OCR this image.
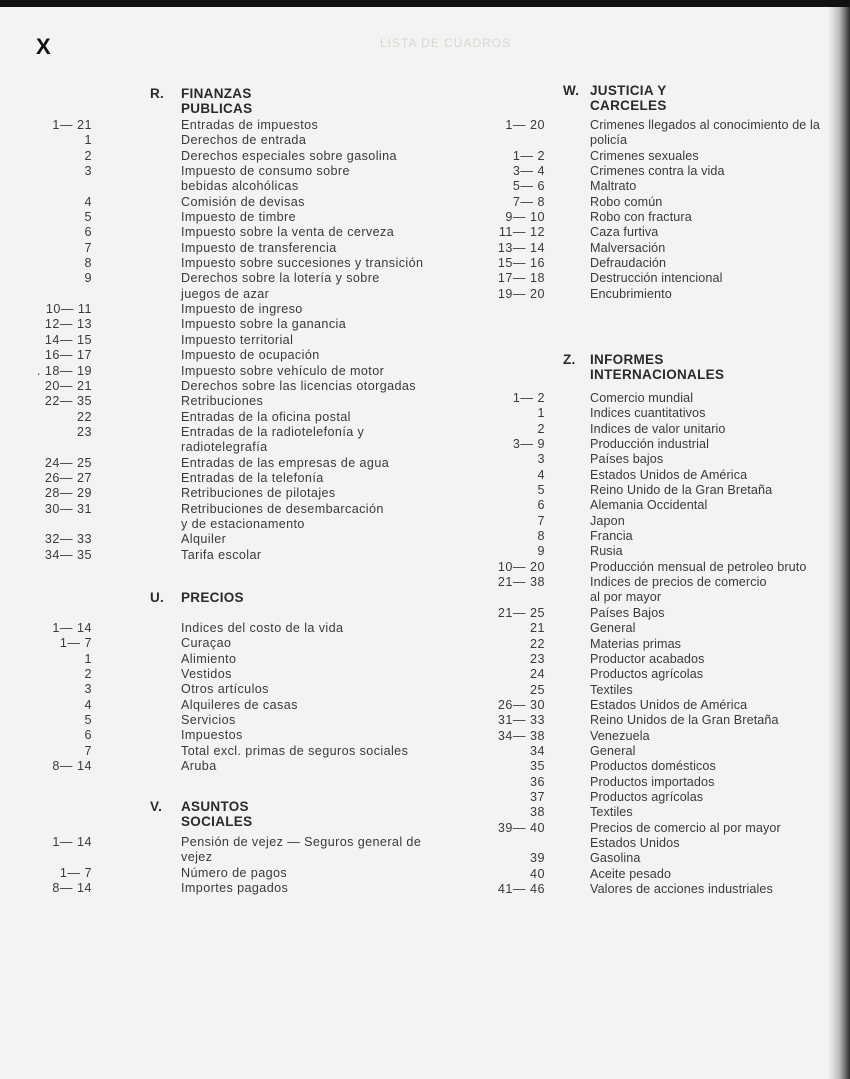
X	LISTA DE CUADROS
R. FINANZAS PUBLICAS
1— 21	Entradas de impuestos
1	Derechos de entrada
2	Derechos especiales sobre gasolina
3	Impuesto de consumo sobre
bebidas alcohólicas
4	Comisión de devisas
5	Impuesto de timbre
6	Impuesto sobre la venta de cerveza
7	Impuesto de transferencia
8	Impuesto sobre succesiones y transición
9	Derechos sobre la lotería y sobre
juegos de azar
10— 11	Impuesto de ingreso
12— 13	Impuesto sobre la ganancia
14— 15	Impuesto territorial
16— 17	Impuesto de ocupación
. 18— 19	Impuesto sobre vehículo de motor
20— 21	Derechos sobre las licencias otorgadas
22— 35	Retribuciones
22	Entradas de la oficina postal
23	Entradas de la radiotelefonía y
radiotelegrafía
24— 25	Entradas de las empresas de agua
26— 27	Entradas de la telefonía
28— 29	Retribuciones de pilotajes
30— 31	Retribuciones de desembarcación
y de estacionamento
32— 33	Alquiler
34— 35	Tarifa escolar
U. PRECIOS
1— 14	Indices del costo de la vida
1— 7	Curaçao
1	Alimiento
2	Vestidos
3	Otros artículos
4	Alquileres de casas
5	Servicios
6	Impuestos
7	Total excl. primas de seguros sociales
8— 14	Aruba
V. ASUNTOS SOCIALES
1— 14	Pensión de vejez — Seguros general de
vejez
1— 7	Número de pagos
8— 14	Importes pagados
W. JUSTICIA Y CARCELES
1— 20	Crimenes llegados al conocimiento de la
policía
1— 2	Crimenes sexuales
3— 4	Crimenes contra la vida
5— 6	Maltrato
7— 8	Robo común
9— 10	Robo con fractura
11— 12	Caza furtiva
13— 14	Malversación
15— 16	Defraudación
17— 18	Destrucción intencional
19— 20	Encubrimiento
Z. INFORMES INTERNACIONALES
1— 2	Comercio mundial
1	Indices cuantitativos
2	Indices de valor unitario
3— 9	Producción industrial
3	Países bajos
4	Estados Unidos de América
5	Reino Unido de la Gran Bretaña
6	Alemania Occidental
7	Japon
8	Francia
9	Rusia
10— 20	Producción mensual de petroleo bruto
21— 38	Indices de precios de comercio
al por mayor
21— 25	Países Bajos
21	General
22	Materias primas
23	Productor acabados
24	Productos agrícolas
25	Textiles
26— 30	Estados Unidos de América
31— 33	Reino Unidos de la Gran Bretaña
34— 38	Venezuela
34	General
35	Productos domésticos
36	Productos importados
37	Productos agrícolas
38	Textiles
39— 40	Precios de comercio al por mayor
Estados Unidos
39	Gasolina
40	Aceite pesado
41— 46	Valores de acciones industriales
